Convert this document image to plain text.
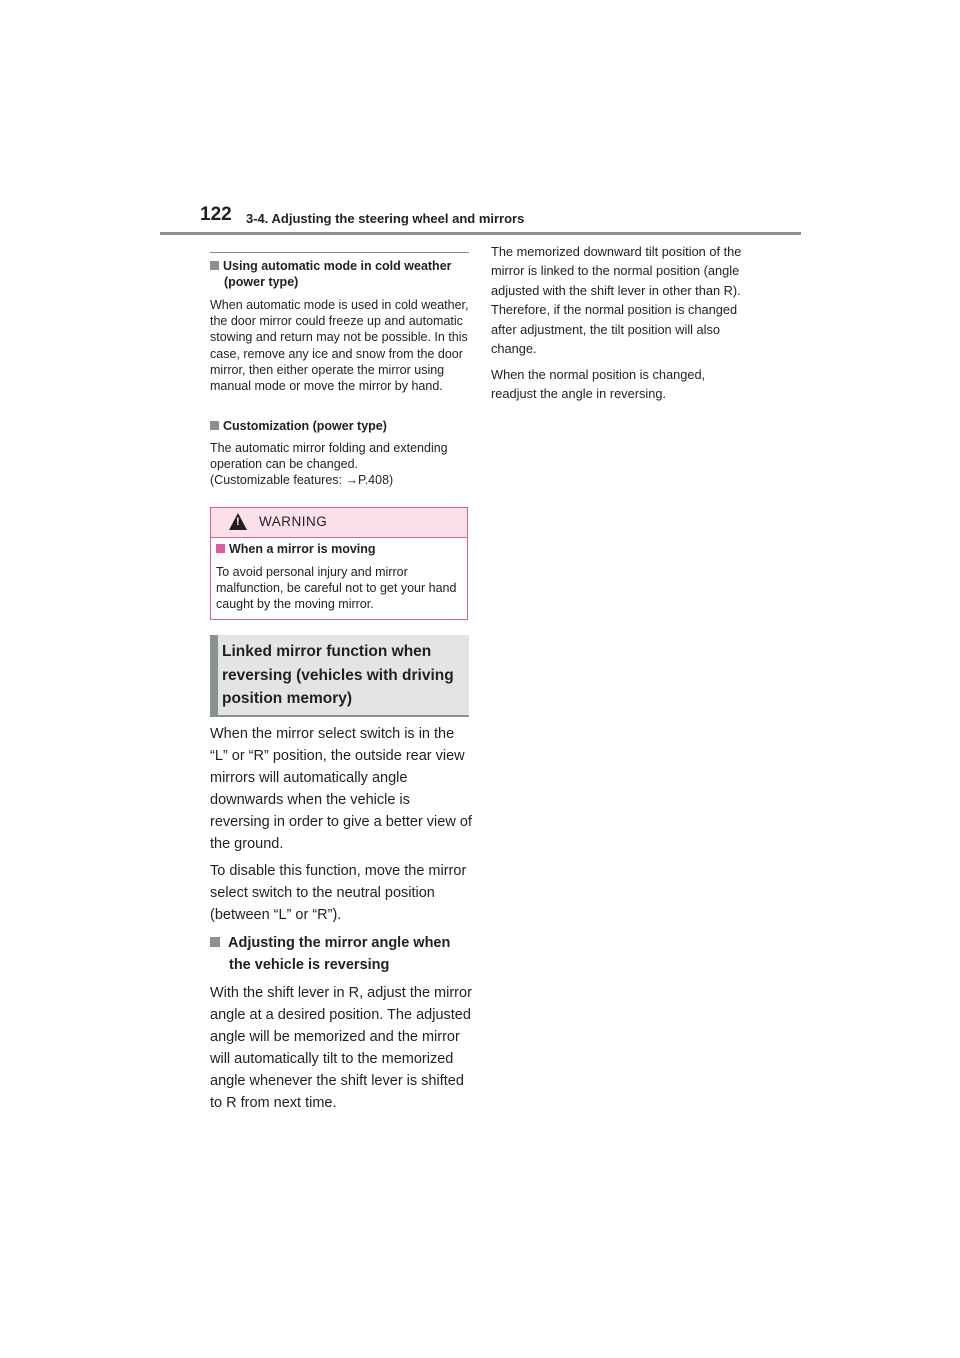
122 3-4. Adjusting the steering wheel and mirrors
Using automatic mode in cold weather
(power type)

When automatic mode is used in cold weather, the door mirror could freeze up and automatic stowing and return may not be possible. In this case, remove any ice and snow from the door mirror, then either operate the mirror using manual mode or move the mirror by hand.

Customization (power type)
The automatic mirror folding and extending operation can be changed.
(Customizable features: →P.408)
! WARNING
When a mirror is moving

To avoid personal injury and mirror malfunction, be careful not to get your hand caught by the moving mirror.

Linked mirror function when reversing (vehicles with driving position memory)

When the mirror select switch is in the “L” or “R” position, the outside rear view mirrors will automatically angle downwards when the vehicle is reversing in order to give a better view of the ground.

To disable this function, move the mirror select switch to the neutral position (between “L” or “R”).

Adjusting the mirror angle when
the vehicle is reversing

With the shift lever in R, adjust the mirror angle at a desired position. The adjusted angle will be memorized and the mirror will automatically tilt to the memorized angle whenever the shift lever is shifted to R from next time.

The memorized downward tilt position of the mirror is linked to the normal position (angle adjusted with the shift lever in other than R). Therefore, if the normal position is changed after adjustment, the tilt position will also change.

When the normal position is changed, readjust the angle in reversing.
